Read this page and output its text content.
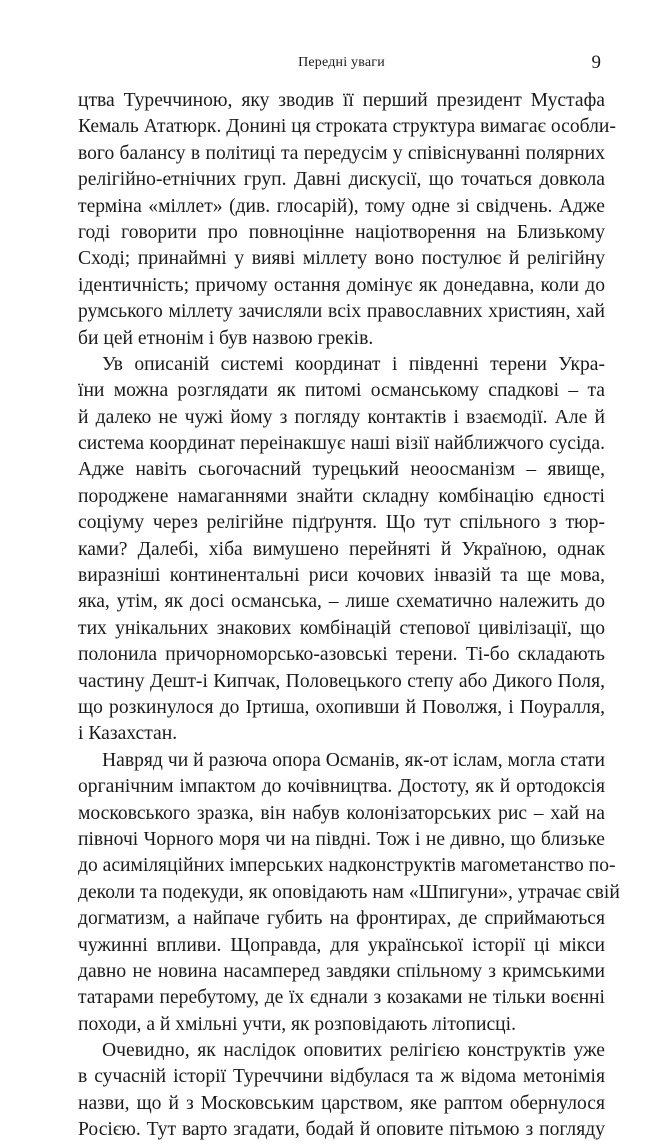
Передні уваги	9
цтва Туреччиною, яку зводив її перший президент Мустафа
Кемаль Ататюрк. Донині ця строката структура вимагає особли-
вого балансу в політиці та передусім у співіснуванні полярних
релігійно-етнічних груп. Давні дискусії, що точаться довкола
терміна «міллет» (див. глосарій), тому одне зі свідчень. Адже
годі говорити про повноцінне націотворення на Близькому
Сході; принаймні у вияві міллету воно постулює й релігійну
ідентичність; причому остання домінує як донедавна, коли до
румського міллету зачисляли всіх православних християн, хай
би цей етнонім і був назвою греків.
Ув описаній системі координат і південні терени Укра-
їни можна розглядати як питомі османському спадкові – та
й далеко не чужі йому з погляду контактів і взаємодії. Але й
система координат переінакшує наші візії найближчого сусіда.
Адже навіть сьогочасний турецький неоосманізм – явище,
породжене намаганнями знайти складну комбінацію єдності
соціуму через релігійне підґрунтя. Що тут спільного з тюр-
ками? Далебі, хіба вимушено перейняті й Україною, однак
виразніші континентальні риси кочових інвазій та ще мова,
яка, утім, як досі османська, – лише схематично належить до
тих унікальних знакових комбінацій степової цивілізації, що
полонила причорноморсько-азовські терени. Ті-бо складають
частину Дешт-і Кипчак, Половецького степу або Дикого Поля,
що розкинулося до Іртиша, охопивши й Поволжя, і Поуралля,
і Казахстан.
Навряд чи й разюча опора Османів, як-от іслам, могла стати
органічним імпактом до кочівництва. Достоту, як й ортодоксія
московського зразка, він набув колонізаторських рис – хай на
півночі Чорного моря чи на півдні. Тож і не дивно, що близьке
до асиміляційних імперських надконструктів магометанство по-
деколи та подекуди, як оповідають нам «Шпигуни», утрачає свій
догматизм, а найпаче губить на фронтирах, де сприймаються
чужинні впливи. Щоправда, для української історії ці мікси
давно не новина насамперед завдяки спільному з кримськими
татарами перебутому, де їх єднали з козаками не тільки воєнні
походи, а й хмільні учти, як розповідають літописці.
Очевидно, як наслідок оповитих релігією конструктів уже
в сучасній історії Туреччини відбулася та ж відома метонімія
назви, що й з Московським царством, яке раптом обернулося
Росією. Тут варто згадати, бодай й оповите пітьмою з погляду
